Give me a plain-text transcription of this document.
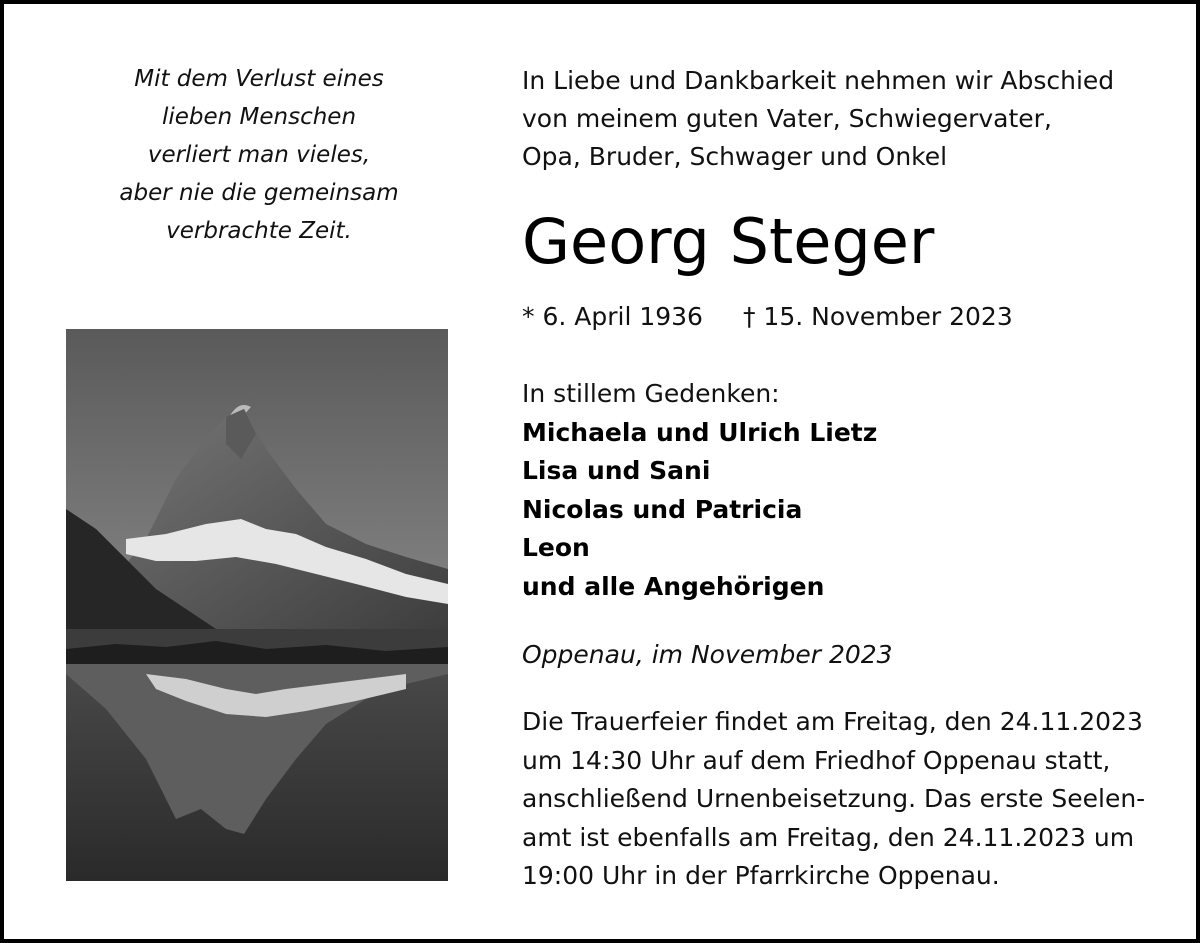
Mit dem Verlust eines
lieben Menschen
verliert man vieles,
aber nie die gemeinsam
verbrachte Zeit.
In Liebe und Dankbarkeit nehmen wir Abschied
von meinem guten Vater, Schwiegervater,
Opa, Bruder, Schwager und Onkel
Georg Steger
* 6. April 1936 † 15. November 2023
In stillem Gedenken:
Michaela und Ulrich Lietz
Lisa und Sani
Nicolas und Patricia
Leon
und alle Angehörigen
Oppenau, im November 2023
Die Trauerfeier findet am Freitag, den 24.11.2023
um 14:30 Uhr auf dem Friedhof Oppenau statt,
anschließend Urnenbeisetzung. Das erste Seelen-
amt ist ebenfalls am Freitag, den 24.11.2023 um
19:00 Uhr in der Pfarrkirche Oppenau.
